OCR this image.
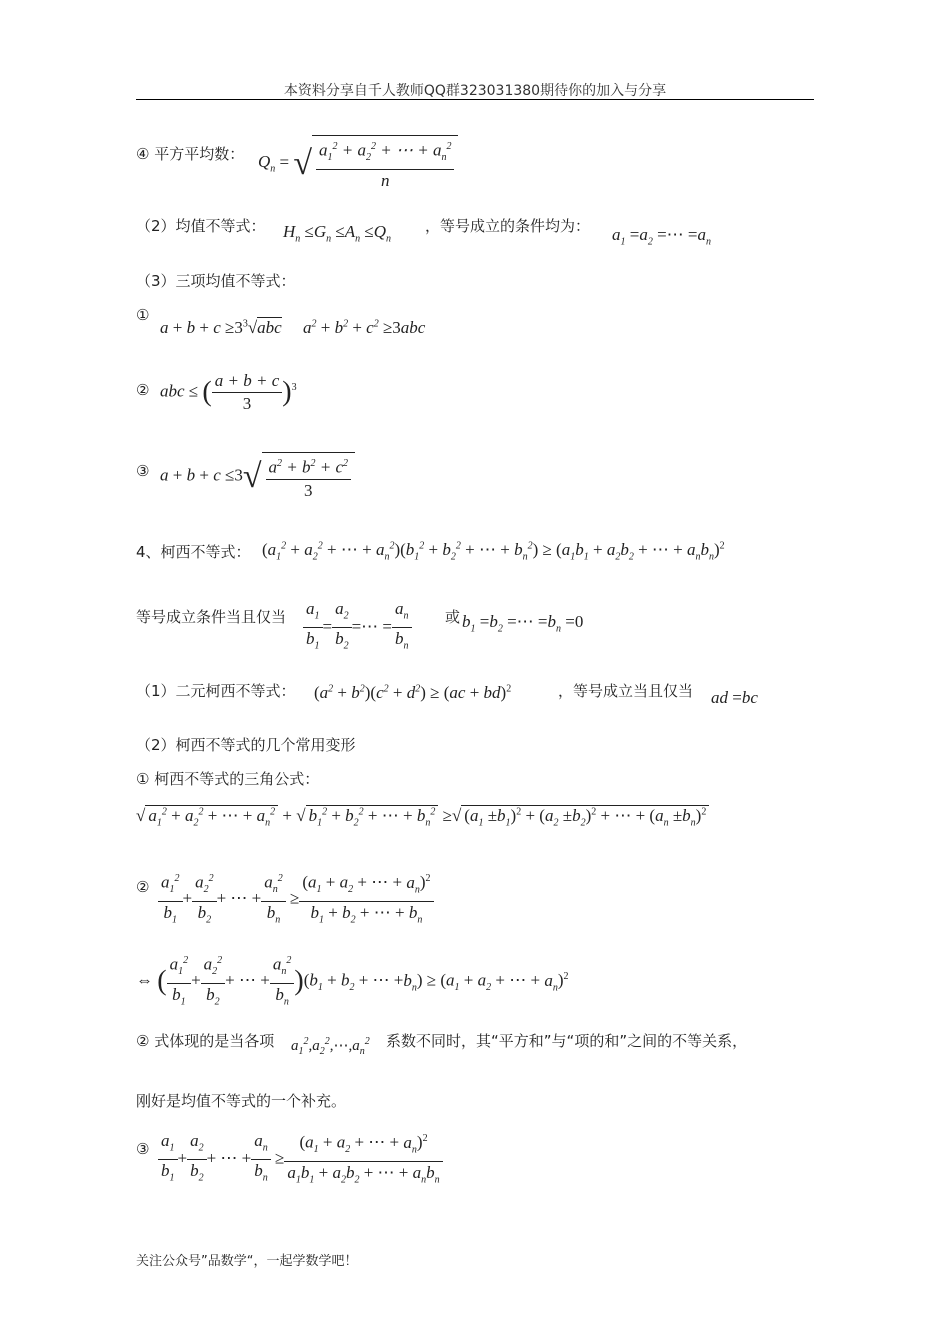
本资料分享自千人教师QQ群323031380期待你的加入与分享
④ 平方平均数： $Q_n$ = √ $\frac{a_1^2 + a_2^2 + \cdots + a_n^2}{n}$
（2）均值不等式： $H_n \le G_n \le A_n \le Q_n$
，等号成立的条件均为： $a_1 =a_2$ =⋯ $=a_n$
（3）三项均值不等式：
①
$a + b + c \ge 3^3√abc$ $a^2 + b^2 + c^2 \ge 3abc$
② abc ≤ ( $\frac{a + b + c}{3} )^3$
③ $a + b + c \le 3√ \frac{a^2 + b^2 + c^2}{3}$
4、柯西不等式： ($a_1^2 + a_2^2$ + ⋯ + $a_n^2)(b_1^2 + b_2^2$ + ⋯ + $b_n^2) \ge (a_1b_1 + a_2b_2$ + ⋯ + $a_nb_n)^2$
等号成立条件当且仅当 $\frac{a_1}{b_1} = \frac{a_2}{b_2}$ =⋯ = $\frac{a_n}{b_n}$ 或 $b_1 =b_2$ =⋯ $=b_n =0$
（1）二元柯西不等式： $(a^2 + b^2)(c^2 + d^2) \ge (ac + bd)^2$	，等号成立当且仅当 ad =bc
（2）柯西不等式的几个常用变形
① 柯西不等式的三角公式：
√ $a_1^2 + a_2^2$ + ⋯ + $a_n^2$ + √ $b_1^2 + b_2^2$ + ⋯ + $b_n^2$ ≥√ $(a_1 \pm b_1)^2 + (a_2 \pm b_2)^2$ + ⋯ + $(a_n \pm b_n)^2$
② $\frac{a_1^2}{b_1} + \frac{a_2^2}{b_2}$ + ⋯ + $\frac{a_n^2}{b_n} \ge \frac{(a_1 + a_2 + \cdots + a_n)^2}{b_1 + b_2 + \cdots + b_n}$
⇔ ( $\frac{a_1^2}{b_1} + \frac{a_2^2}{b_2}$ + ⋯ + $\frac{a_n^2}{b_n} )(b_1 + b_2$ + ⋯ $+b_n) \ge (a_1 + a_2$ + ⋯ + $a_n)^2$
② 式体现的是当各项 $a_1^2,a_2^2,\cdots,a_n^2$ 系数不同时，其“平方和”与“项的和”之间的不等关系，
刚好是均值不等式的一个补充。
③ $\frac{a_1}{b_1} + \frac{a_2}{b_2}$ + ⋯ + $\frac{a_n}{b_n} \ge \frac{(a_1 + a_2 + \cdots + a_n)^2}{a_1b_1 + a_2b_2 + \cdots + a_nb_n}$
关注公众号”品数学“，一起学数学吧！
